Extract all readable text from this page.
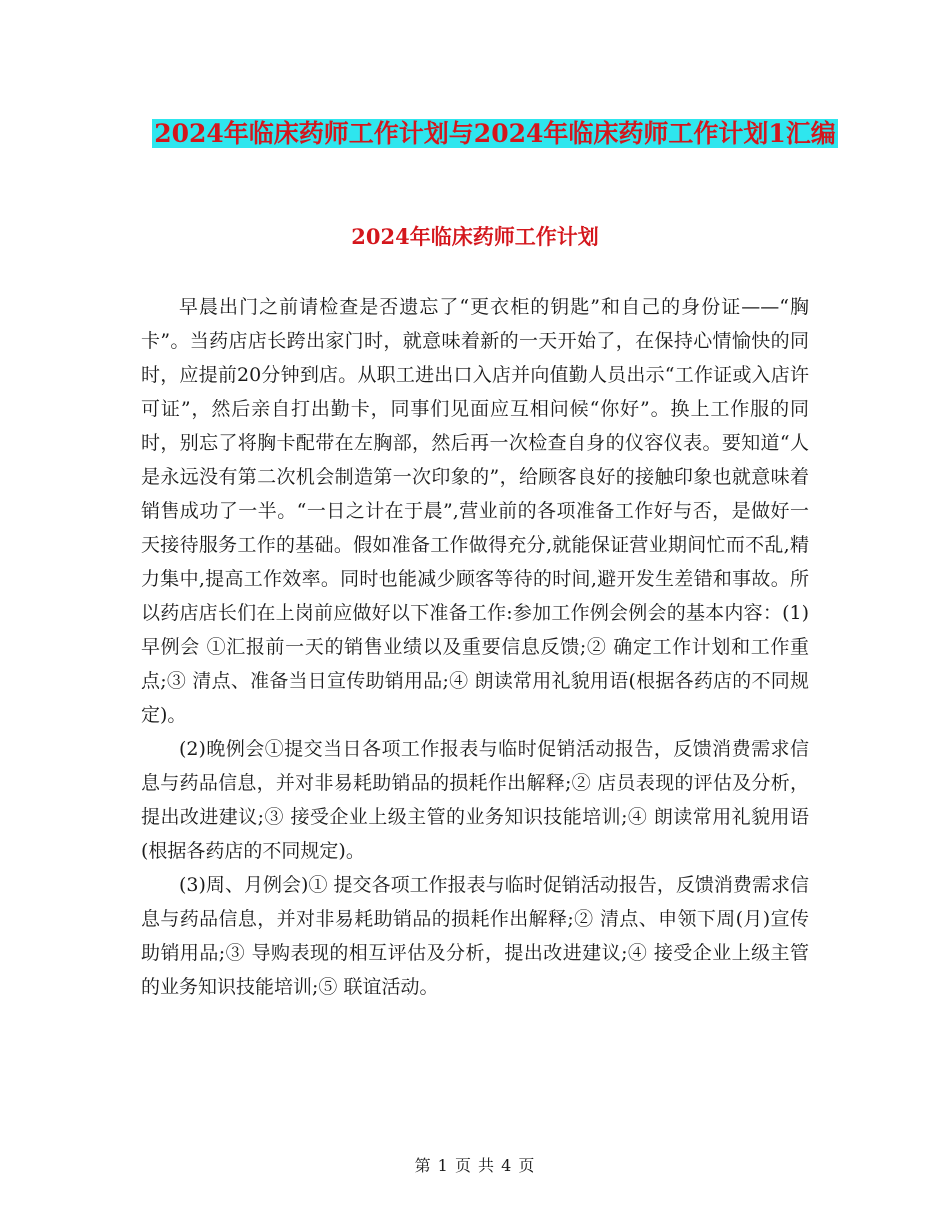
2024年临床药师工作计划与2024年临床药师工作计划1汇编
2024年临床药师工作计划

早晨出门之前请检查是否遗忘了“更衣柜的钥匙”和自己的身份证——“胸卡”。当药店店长跨出家门时，就意味着新的一天开始了，在保持心情愉快的同时，应提前20分钟到店。从职工进出口入店并向值勤人员出示“工作证或入店许可证”，然后亲自打出勤卡，同事们见面应互相问候“你好”。换上工作服的同时，别忘了将胸卡配带在左胸部，然后再一次检查自身的仪容仪表。要知道“人是永远没有第二次机会制造第一次印象的”，给顾客良好的接触印象也就意味着销售成功了一半。“一日之计在于晨”,营业前的各项准备工作好与否，是做好一天接待服务工作的基础。假如准备工作做得充分,就能保证营业期间忙而不乱,精力集中,提高工作效率。同时也能减少顾客等待的时间,避开发生差错和事故。所以药店店长们在上岗前应做好以下准备工作:参加工作例会例会的基本内容：(1)早例会 ①汇报前一天的销售业绩以及重要信息反馈;② 确定工作计划和工作重点;③ 清点、准备当日宣传助销用品;④ 朗读常用礼貌用语(根据各药店的不同规定)。

(2)晚例会①提交当日各项工作报表与临时促销活动报告，反馈消费需求信息与药品信息，并对非易耗助销品的损耗作出解释;② 店员表现的评估及分析，提出改进建议;③ 接受企业上级主管的业务知识技能培训;④ 朗读常用礼貌用语(根据各药店的不同规定)。

(3)周、月例会)① 提交各项工作报表与临时促销活动报告，反馈消费需求信息与药品信息，并对非易耗助销品的损耗作出解释;② 清点、申领下周(月)宣传助销用品;③ 导购表现的相互评估及分析，提出改进建议;④ 接受企业上级主管的业务知识技能培训;⑤ 联谊活动。

第 1 页 共 4 页
